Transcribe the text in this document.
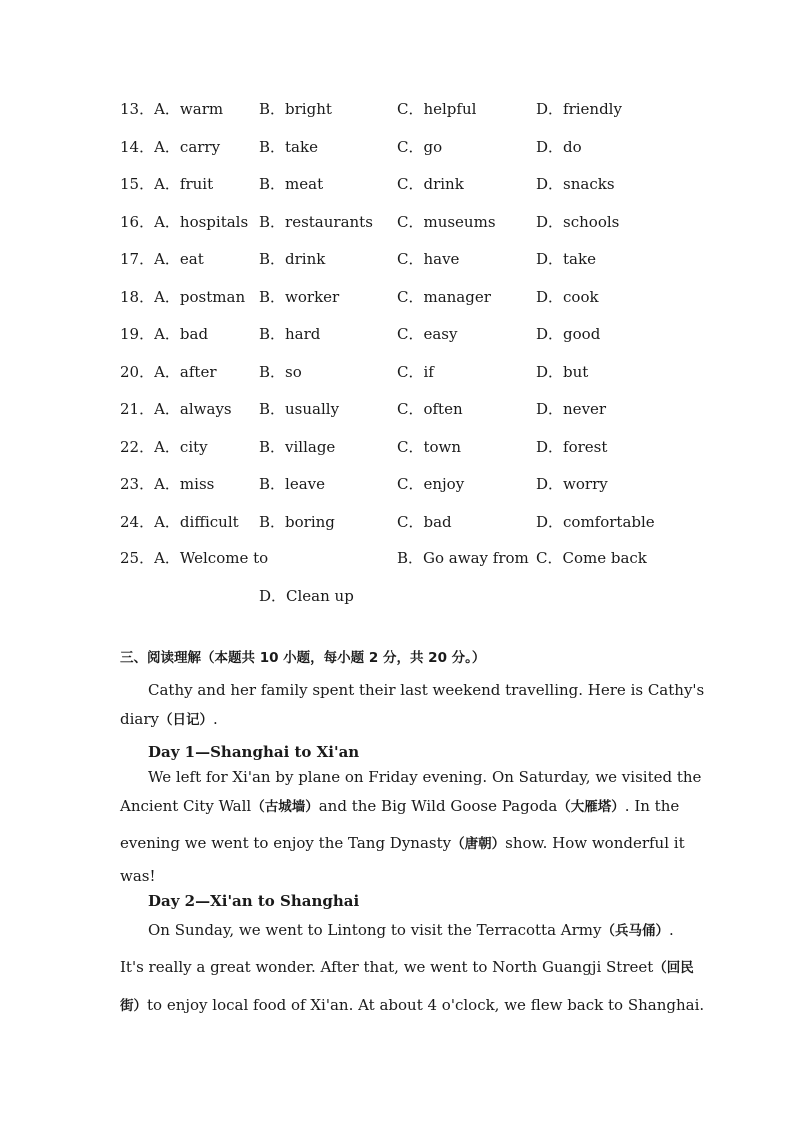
13．A．warm B．bright	C．helpful	D．friendly
14．A．carry	B．take	C．go	D．do
15．A．fruit	B．meat	C．drink	D．snacks
16．A．hospitals B．restaurants C．museums	D．schools
17．A．eat	B．drink	C．have	D．take
18．A．postman B．worker	C．manager	D．cook
19．A．bad	B．hard	C．easy	D．good
20．A．after	B．so	C．if	D．but
21．A．always B．usually	C．often	D．never
22．A．city	B．village	C．town	D．forest
23．A．miss	B．leave	C．enjoy	D．worry
24．A．difficult B．boring	C．bad	D．comfortable
25．A．Welcome to	B．Go away from C．Come back
D．Clean up
三、阅读理解（本题共 10 小题，每小题 2 分，共 20 分。）
Cathy and her family spent their last weekend travelling. Here is Cathy's
diary（日记）.
Day 1—Shanghai to Xi'an
We left for Xi'an by plane on Friday evening. On Saturday, we visited the
Ancient City Wall（古城墙）and the Big Wild Goose Pagoda（大雁塔）. In the
evening we went to enjoy the Tang Dynasty（唐朝）show. How wonderful it
was!
Day 2—Xi'an to Shanghai
On Sunday, we went to Lintong to visit the Terracotta Army（兵马俑）.
It's really a great wonder. After that, we went to North Guangji Street（回民
街）to enjoy local food of Xi'an. At about 4 o'clock, we flew back to Shanghai.
